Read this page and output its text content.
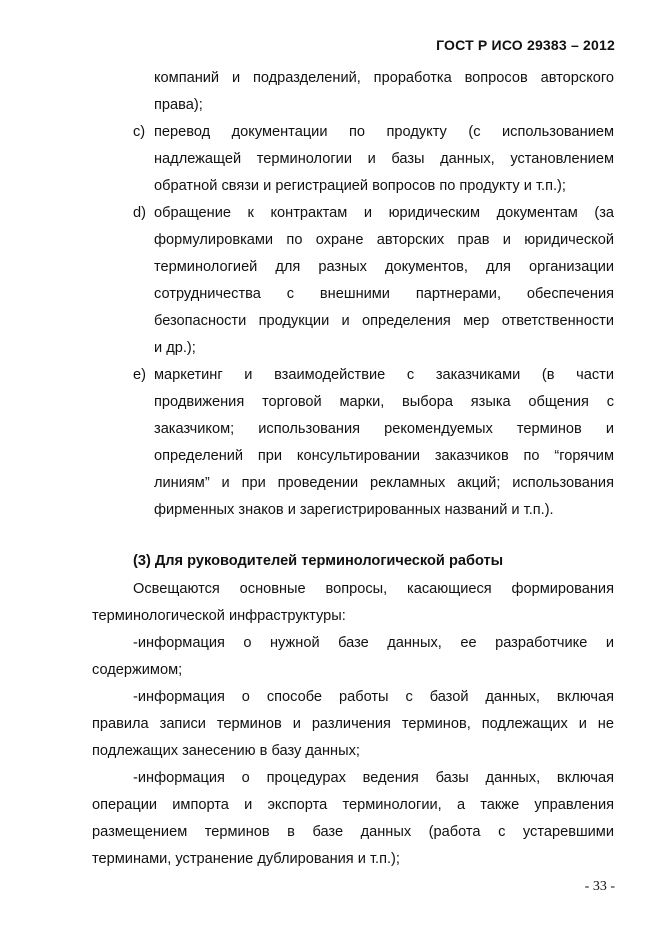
ГОСТ Р ИСО 29383 – 2012
компаний и подразделений, проработка вопросов авторского
права);
c) перевод документации по продукту (с использованием
надлежащей терминологии и базы данных, установлением
обратной связи и регистрацией вопросов по продукту и т.п.);
d) обращение к контрактам и юридическим документам (за
формулировками по охране авторских прав и юридической
терминологией для разных документов, для организации
сотрудничества с внешними партнерами, обеспечения
безопасности продукции и определения мер ответственности
и др.);
e) маркетинг и взаимодействие с заказчиками (в части
продвижения торговой марки, выбора языка общения с
заказчиком; использования рекомендуемых терминов и
определений при консультировании заказчиков по “горячим
линиям” и при проведении рекламных акций; использования
фирменных знаков и зарегистрированных названий и т.п.).
(3) Для руководителей терминологической работы
Освещаются основные вопросы, касающиеся формирования
терминологической инфраструктуры:
-информация о нужной базе данных, ее разработчике и
содержимом;
-информация о способе работы с базой данных, включая
правила записи терминов и различения терминов, подлежащих и не
подлежащих занесению в базу данных;
-информация о процедурах ведения базы данных, включая
операции импорта и экспорта терминологии, а также управления
размещением терминов в базе данных (работа с устаревшими
терминами, устранение дублирования и т.п.);
- 33 -
